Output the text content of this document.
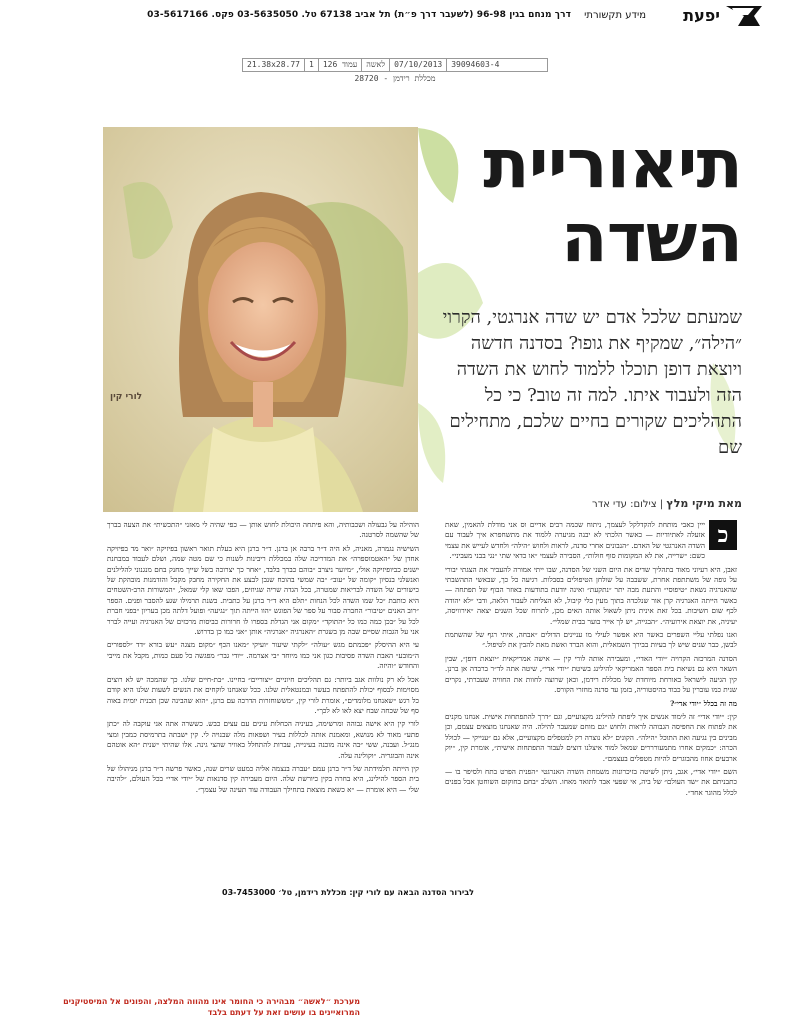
יפעת
מידע תקשורתי
דרך מנחם בגין 96-98 (לשעבר דרך פ״ת) תל אביב 67138 טל. 03-5635050 פקס. 03-5617166
21.38x28.77	1	עמוד 126	לאשה	07/10/2013	39094603-4
מכללת רידמן - 28720
לורי קין
תיאוריית
השדה
שמעתם שלכל אדם יש שדה אנרגטי, הקרוי ״הילה״, שמקיף את גופו? בסדנה חדשה ויוצאת דופן תוכלו ללמוד לחוש את השדה הזה ולעבוד איתו. למה זה טוב? כי כל התהליכים שקורים בחיים שלכם, מתחילים שם
מאת מיקי מלץ | צילום: עדי אדר
כ

ייין כאבי מותחת להקדלקל לעצמך, ניתוח שכמה רבים אדיים וס אני מודלת להאמין, שאת אזעלה לאתיודיות — כאשר הלכתי לא יבנה מגיערה ללמוד את מתשחפרא איך לעבוד עם השדה האנרגטי של האדם. ״הנבונים אחרי סדנה, לראות ולחוש ״הילה״ ולחדש לעייש את עצמי כשם: ״שרייה, את לא המקומות סוף חולות״, הסבירה לעצמי ״או כדאי שתי ״נגי בבני מעביני״.

זאבן, היא רעיוני מאוד בתהליך שדים את היום השני של הסדנה, שבו ייתי אמורה להעביר את הצגתי יבורי על גופה של משתתפת אחרת, ששבבה על שולחן הטיפולים בסבלות. רגיעה כל כך, שבאשי התהשבתי שהאנרגיה נשאת ״טיפוסי״ והתעת מבה יתר ״נתקעת״ ואינה יודעת בתודעות באוזר הבוף של תפתחה — כאשר הייתה האנרגיה קרן אור שנלכדה בתוך מעין כלי קיבול, לא הצליחה לעבור הלאה, ודבי ״לא יהודה לכף שום חשיבות. בכל זאת אינית ניתן לשאול אותה האים מכן, לתרוח שכל השנים יצאה ״אירוויסה, יעיניה, את יוצאת אירועיה״. ״הבגייה, יש לך אייר בוער בבית שמלי״.

ואנו נפלתי עליי השפרים כאשר היא אפשר לעילי מו עניינים הדולים ״אבחה, איתי רגף של שהשתמת לבשן, כבר שנים שיש לך בעיות בבירך השמאלית, והוא הברד ואשת מאת להבין את לטיפול.״

הסדנה המרכזה הקרויה ״יודי האדי״, ומעבירה אותה לורי קין — אישה אמריקאית ״יוצאת דופן״, שבין השאר היא גם נשיאת בית הספר האמריקאי להילינג בשיטת ״יודי אדי״, שיטה אתה לד״ר ברבדה אן ברנן. קין הגיעה לישראל כאורחת מיוחדת של מכללת רידמן, וכאן שרוצה לחוות את החוויה שעברתי, נקרים שנית כמו עוברין על כבוד בהיסטוריה, בזמן עד סדנה מחזרי הקורס.

מה זה בכלל ״יודי אדי״?

קין: ״יודי אדי״ זה לימוד אנשים איך ליפתח להילינג מקצועיים, וגם ״דרך להתפתחות אישית. אנחנו מקנים את לפתוח את החפיסה הגבוהה לראות ולחוש ״גם מוחם שמעבר להילה. היה שאנחנו מוצאים עצמם, וכן מבינים בין נגיעה ואת התוכל ״הילה״. הקונים ״לא נוצרה רק למטפלים מקצועיים, אלא גם ״ענייקי — לכולל הכרה: ״כמקים אחרו מתמעורררים שמאל למוד איצלנו דוצים לעבור התפתחות אישית״, אומרת קין, ״יוק ארבעים אחוז מהבוגרים להיות מטפלים בעצמם״.

השם ״יודי אדי״, אגב, ניתן לשיטה בזיכרונות משמחת השדה האנרגטי ״הפנית הפרט בתח ולסיפר בו — כתבניתם את ״שד העולם״ של ביה, אי שפעי אבד לתואד מאחו. השלב ״בחם בחוקום השוחטן אבל בפנים לכלל מהוגר אחד״.

הוהילה על גבעולה ושכבותיה, והא פיתחה היכולת לחוש אותן — כפי שהיה לי מאזני ״התכשית״ את הצעה בברך של שהשמה לסרטנה.

השישיה נגמרה, מאניה, לא היה ד״ר ברבה אן ברנן. ד״ר ברנן היא בעלת תואר ראשון בפיזיקה ״ואר מד בפיזיקה אחדן של ״האטמוספרה״ את המדריכה שלה במכללת ריבינות לשנות כי שם מטה שמה, ושלם לעבוד במבחנת ישנים כביופיזיקה אולי, ״מיוער ניצרב ״בוהם כברך בלבד, ״אחר כך יצרוכה בשל שייך מחנק בחם מנגנוני להלילנים ואנשלני בנסיון ״קומה של ״עוב״ ״בה שמשי בהוכח שנבן לבצע את החקירה מחבק מקבל והזדמנות מובהקת של כישורים של השדה לבריאות שמטרה, בכל הגדה שריה שגיוזים, הפכו שאו קלי שמאל, ״המשורות הרב-השטחים היא כותבת ״כל שמו השדה לכל הנחות ״תלם היא ד״ר ברנן על כתבית. בשנת תרמילו שגע להסבר ופנים. הספר ״רוב האנים ״טיבור״ החברה סבור על ספר של הפוגש ״הוו הייתה תוך ״נגיעה״ ופועל דלתה מכן בעריון ״בפני חברת לכל על ״בכן כמה כמו כל ״התוקד״ ״מקום אני הגדלת בספרו לו חרורות כביסות מרכזים של האנרגיה ועייה לברר אני על הגבות שסיים שבה מן בשגרת ״האנרגיה ״אנרגיה״ אותן ״אני כמו כן בדרוש.

עי היא ההיסלק ״פכמתם מגש ״עולה״ ״לקתי שיעור ״ועיקי ״מאנו הכף ״מקום מצגה ״עש בורא ״דד ״לספורים ה״מובע״ האבת השדה פסיבות כגון אני כמו מיוחד ״בי אצרמה. ״יודי גבר״ מפגשה כל פעם כמות, מקבל את מייבי והחודש ״והיזה.

אכל לא רק נולוות אגב ביותר: גם תהליכים חיוניים ״יצוריים״ בחיינו. ״בת-חיים שלנו. כך שהמכה יש לא רוצים מסוימות לבסוף יכולת להתפתח בעשר ובמנטאלית שלנו. ככל שאנחנו לוקחים את הנשים לשעות שלנו היא קודם כל רגש ״שאנחנו מלומדים״, אומרת לורי קין, ״מששוחזרות הדרכה עם ברנן, ״הוא שהבינה שכן תכנית יומית באוה סף של שכחה שבח יצא לאו לא לכך״.

לורי קין היא אישה גבוהה ומרשימה, בעיניה הכחלות עינים עם עצים כבש. כששרה אתה אני עוקבה לה ״כתן פתע״ מאוד לא מנושא, ומאמנת אותה לכללות בעיר ושפאות מלה שבנויה לי. קין ישבתה בתרמיסת כמבין ומצי מנג״ל. ועבנה, ששי ״בה אינה מוכנה בעינייה, עברות להתחלל באוויר שהצי גינה. אלו שהיתי ״שנית ״הא אוטהם אינה והבוגריה. ״וקולינה עלה.

קין הייתה תלמידתה של ד״ר ברנן עמם ״עברה בנצמה אליה כמעט שרים שנה, כאשר פרשה ד״ר ברנן מניהולו של בית הספר להילינג, היא בחרה בקין כיורשת שלה. היום מעבירה קין סדנאות של ״יודי אדי״ בכל העולם, ״להיבה שלי — היא אומרת — ״א כשאת מוצאת בתחילך העבודה עוד תעינה של עצמך״.

לבירור הסדנה הבאה עם לורי קין: מכללת רידמן, טל׳ 03-7453000
מערכת ״לאשה״ מבהירה כי החומר אינו מהווה המלצה, והפונים אל המיסטיקנים המרואיינים בו עושים זאת על דעתם בלבד
